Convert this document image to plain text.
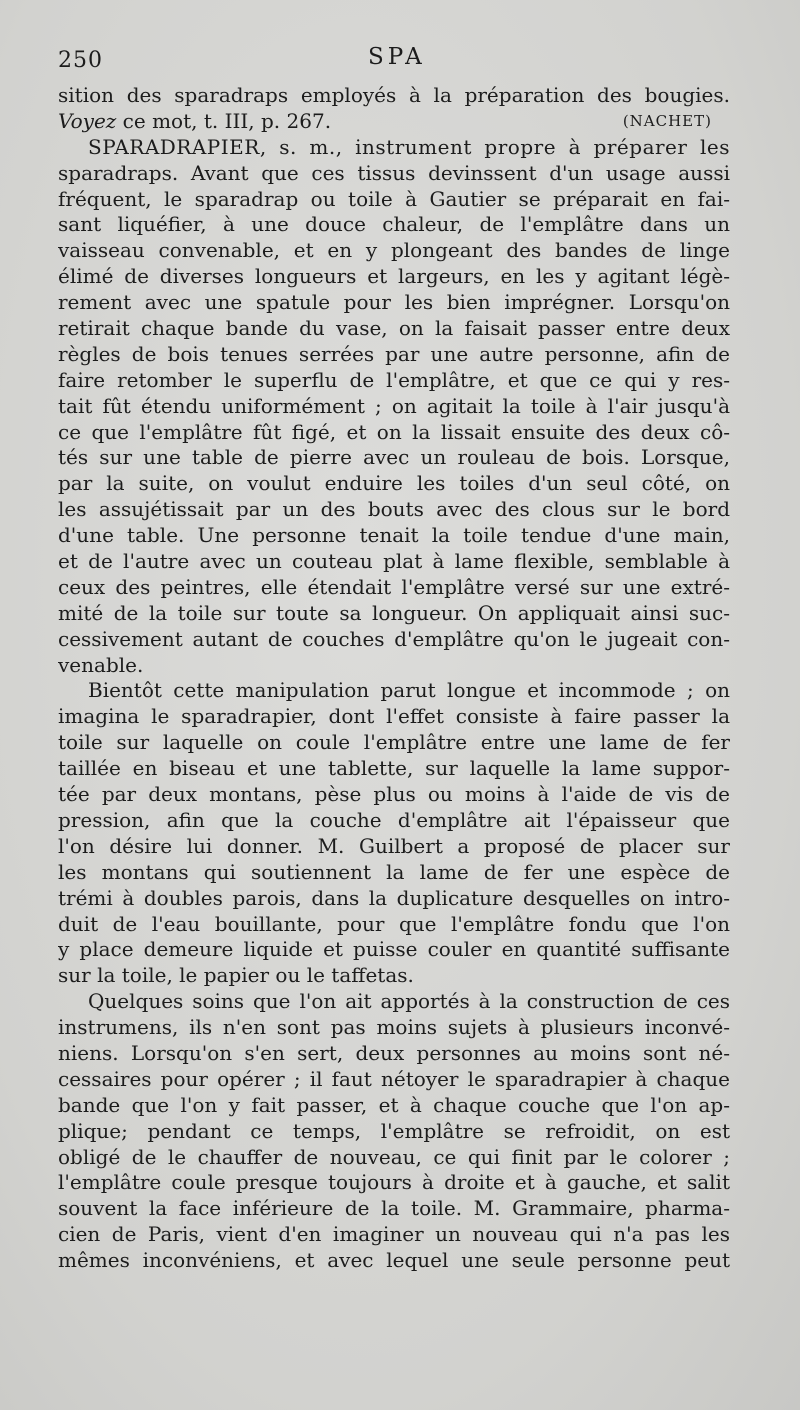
250	SPA
sition des sparadraps employés à la préparation des bougies.
Voyez ce mot, t. III, p. 267.	(NACHET)
SPARADRAPIER, s. m., instrument propre à préparer les
sparadraps. Avant que ces tissus devinssent d'un usage aussi
fréquent, le sparadrap ou toile à Gautier se préparait en fai-
sant liquéfier, à une douce chaleur, de l'emplâtre dans un
vaisseau convenable, et en y plongeant des bandes de linge
élimé de diverses longueurs et largeurs, en les y agitant légè-
rement avec une spatule pour les bien imprégner. Lorsqu'on
retirait chaque bande du vase, on la faisait passer entre deux
règles de bois tenues serrées par une autre personne, afin de
faire retomber le superflu de l'emplâtre, et que ce qui y res-
tait fût étendu uniformément ; on agitait la toile à l'air jusqu'à
ce que l'emplâtre fût figé, et on la lissait ensuite des deux cô-
tés sur une table de pierre avec un rouleau de bois. Lorsque,
par la suite, on voulut enduire les toiles d'un seul côté, on
les assujétissait par un des bouts avec des clous sur le bord
d'une table. Une personne tenait la toile tendue d'une main,
et de l'autre avec un couteau plat à lame flexible, semblable à
ceux des peintres, elle étendait l'emplâtre versé sur une extré-
mité de la toile sur toute sa longueur. On appliquait ainsi suc-
cessivement autant de couches d'emplâtre qu'on le jugeait con-
venable.
Bientôt cette manipulation parut longue et incommode ; on
imagina le sparadrapier, dont l'effet consiste à faire passer la
toile sur laquelle on coule l'emplâtre entre une lame de fer
taillée en biseau et une tablette, sur laquelle la lame suppor-
tée par deux montans, pèse plus ou moins à l'aide de vis de
pression, afin que la couche d'emplâtre ait l'épaisseur que
l'on désire lui donner. M. Guilbert a proposé de placer sur
les montans qui soutiennent la lame de fer une espèce de
trémi à doubles parois, dans la duplicature desquelles on intro-
duit de l'eau bouillante, pour que l'emplâtre fondu que l'on
y place demeure liquide et puisse couler en quantité suffisante
sur la toile, le papier ou le taffetas.
Quelques soins que l'on ait apportés à la construction de ces
instrumens, ils n'en sont pas moins sujets à plusieurs inconvé-
niens. Lorsqu'on s'en sert, deux personnes au moins sont né-
cessaires pour opérer ; il faut nétoyer le sparadrapier à chaque
bande que l'on y fait passer, et à chaque couche que l'on ap-
plique; pendant ce temps, l'emplâtre se refroidit, on est
obligé de le chauffer de nouveau, ce qui finit par le colorer ;
l'emplâtre coule presque toujours à droite et à gauche, et salit
souvent la face inférieure de la toile. M. Grammaire, pharma-
cien de Paris, vient d'en imaginer un nouveau qui n'a pas les
mêmes inconvéniens, et avec lequel une seule personne peut
